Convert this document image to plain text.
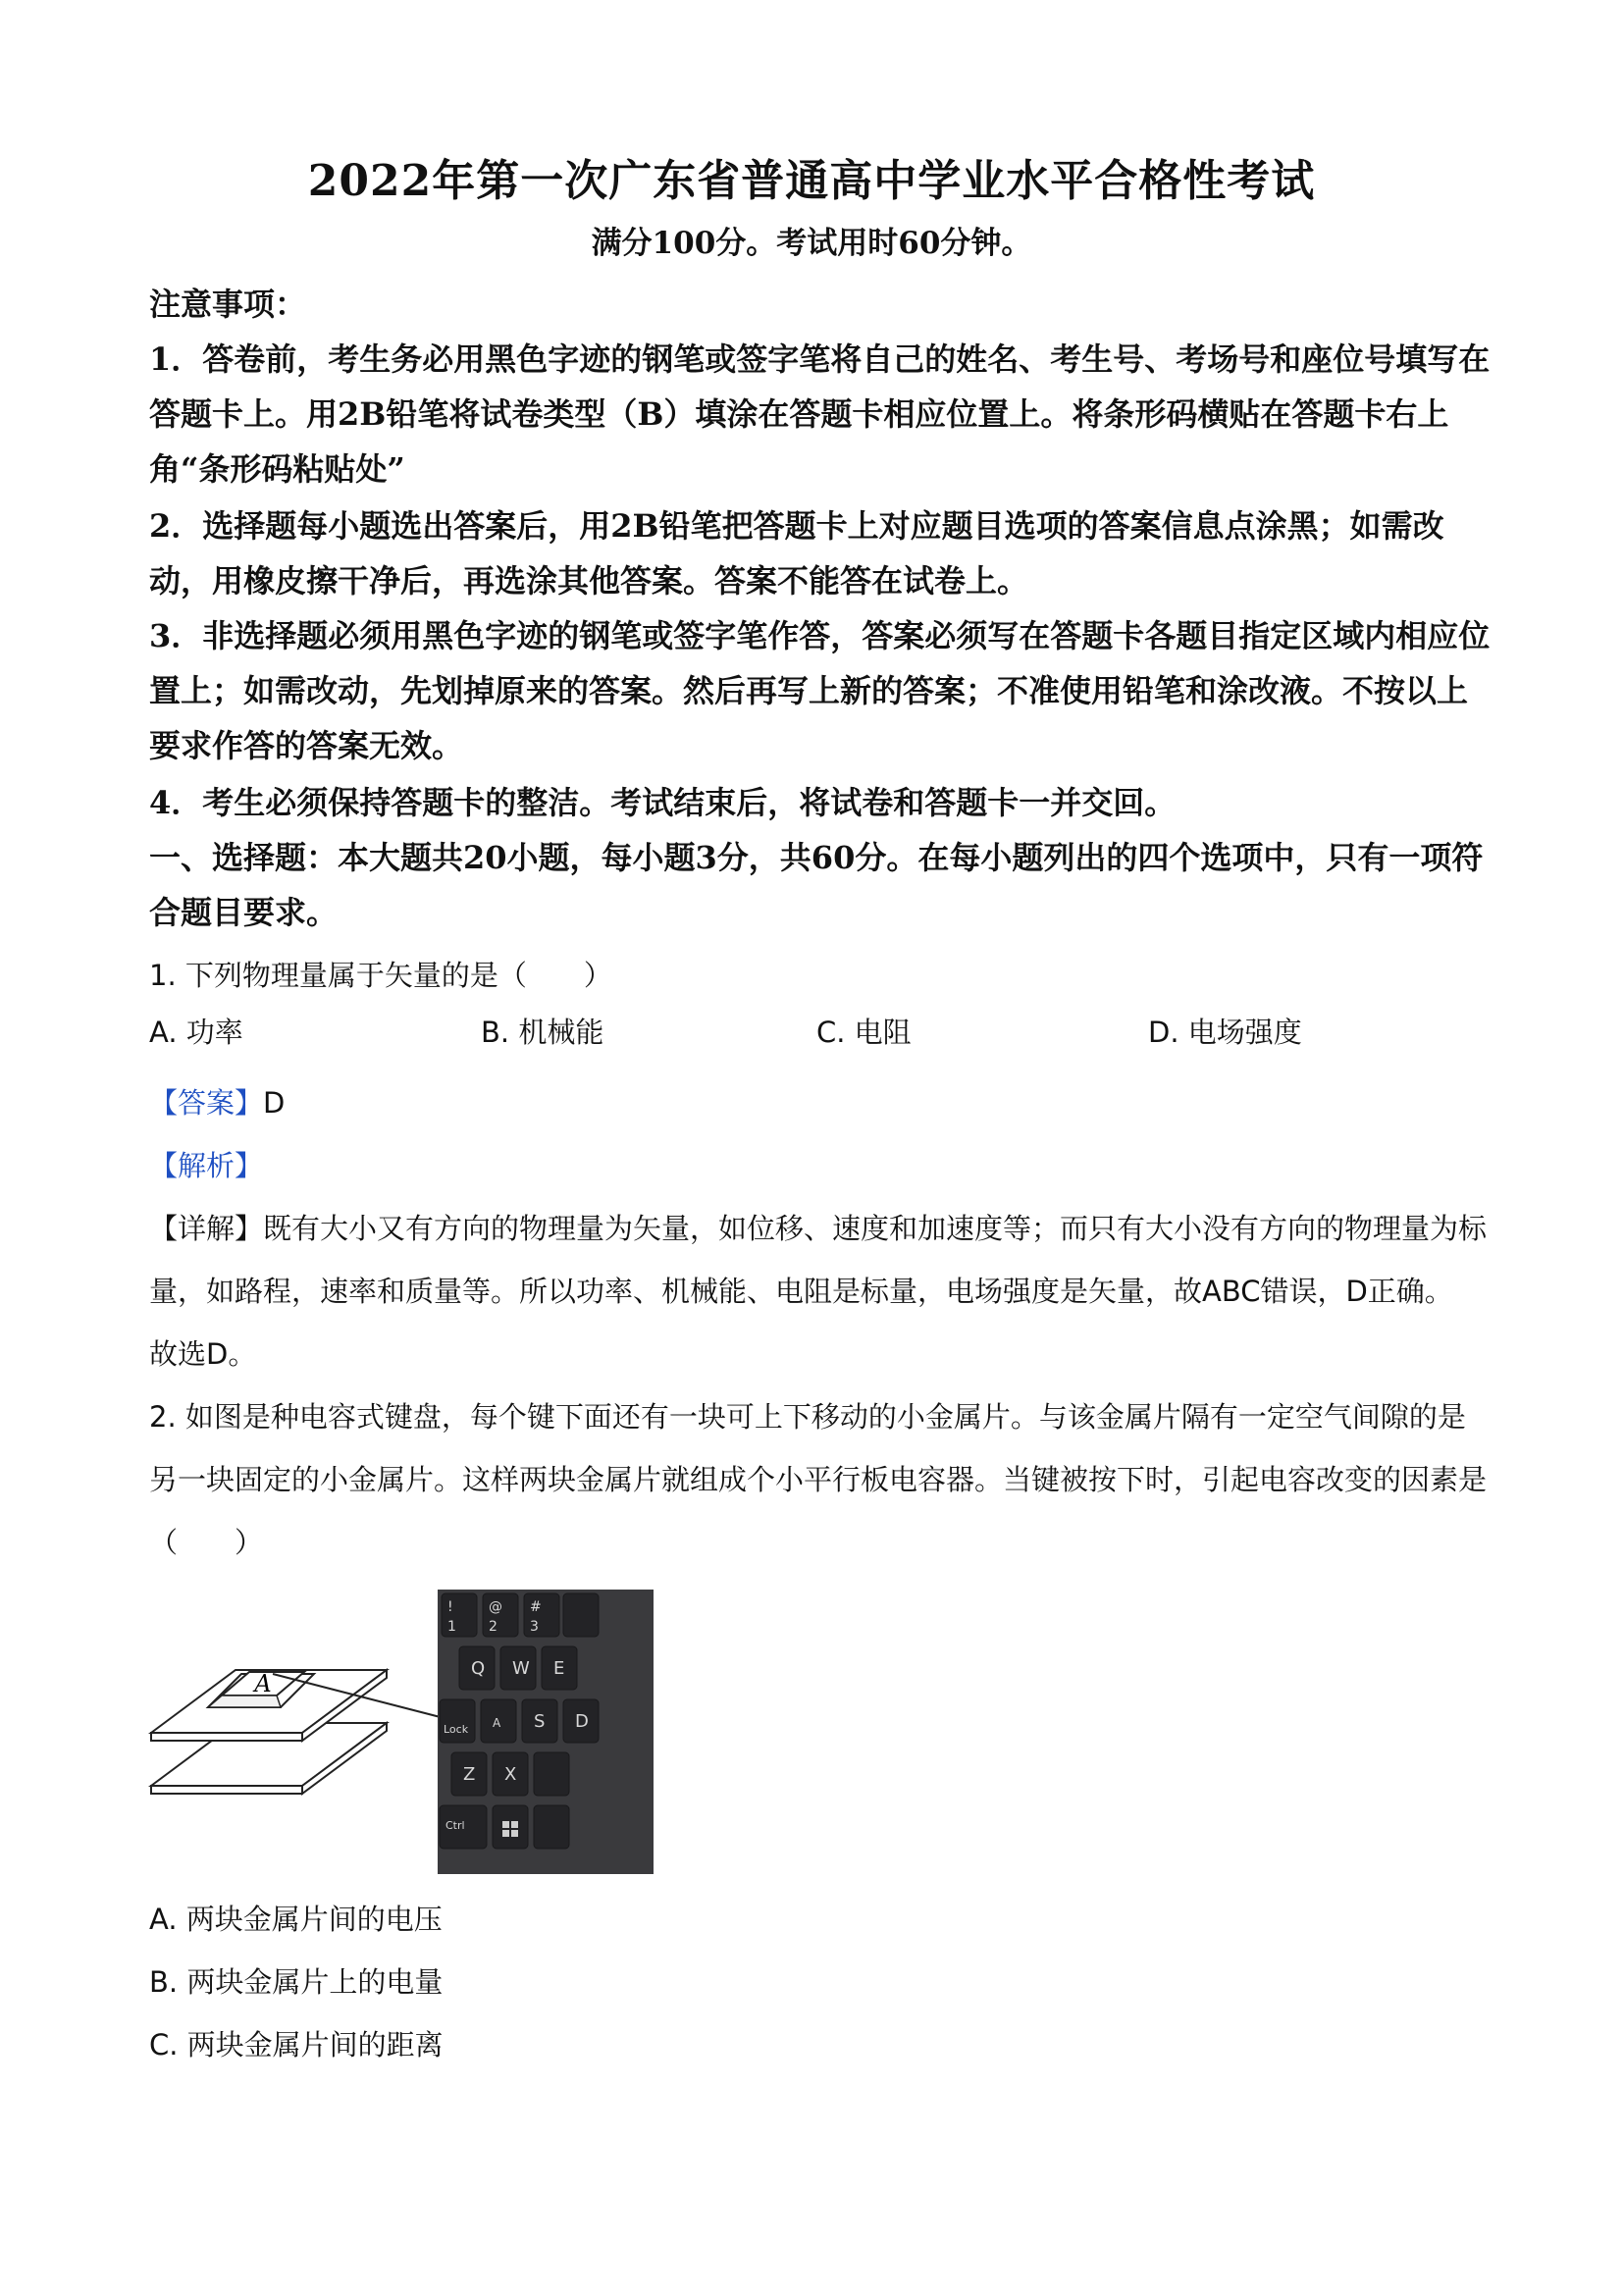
2022年第一次广东省普通高中学业水平合格性考试
满分100分。考试用时60分钟。
注意事项：
1．答卷前，考生务必用黑色字迹的钢笔或签字笔将自己的姓名、考生号、考场号和座位号填写在答题卡上。用2B铅笔将试卷类型（B）填涂在答题卡相应位置上。将条形码横贴在答题卡右上角“条形码粘贴处”
2．选择题每小题选出答案后，用2B铅笔把答题卡上对应题目选项的答案信息点涂黑；如需改动，用橡皮擦干净后，再选涂其他答案。答案不能答在试卷上。
3．非选择题必须用黑色字迹的钢笔或签字笔作答，答案必须写在答题卡各题目指定区域内相应位置上；如需改动，先划掉原来的答案。然后再写上新的答案；不准使用铅笔和涂改液。不按以上要求作答的答案无效。
4．考生必须保持答题卡的整洁。考试结束后，将试卷和答题卡一并交回。
一、选择题：本大题共20小题，每小题3分，共60分。在每小题列出的四个选项中，只有一项符合题目要求。
1. 下列物理量属于矢量的是（　　）
A. 功率	B. 机械能	C. 电阻	D. 电场强度
【答案】D
【解析】
【详解】既有大小又有方向的物理量为矢量，如位移、速度和加速度等；而只有大小没有方向的物理量为标量，如路程，速率和质量等。所以功率、机械能、电阻是标量，电场强度是矢量，故ABC错误，D正确。
故选D。
2. 如图是种电容式键盘，每个键下面还有一块可上下移动的小金属片。与该金属片隔有一定空气间隙的是另一块固定的小金属片。这样两块金属片就组成个小平行板电容器。当键被按下时，引起电容改变的因素是（　　）
A
!
1
@
2
#
3
Q W E
Lock A S D
Z X
Ctrl
A. 两块金属片间的电压
B. 两块金属片上的电量
C. 两块金属片间的距离
